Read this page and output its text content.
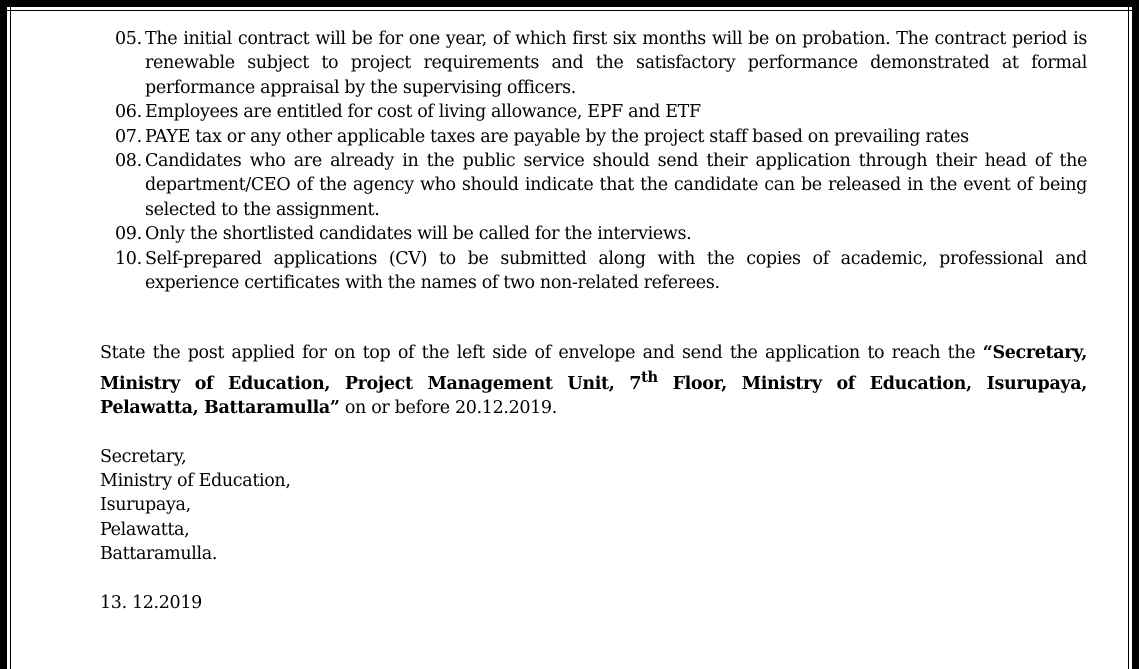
05. The initial contract will be for one year, of which first six months will be on probation. The contract period is renewable subject to project requirements and the satisfactory performance demonstrated at formal performance appraisal by the supervising officers.
06. Employees are entitled for cost of living allowance, EPF and ETF
07. PAYE tax or any other applicable taxes are payable by the project staff based on prevailing rates
08. Candidates who are already in the public service should send their application through their head of the department/CEO of the agency who should indicate that the candidate can be released in the event of being selected to the assignment.
09. Only the shortlisted candidates will be called for the interviews.
10. Self-prepared applications (CV) to be submitted along with the copies of academic, professional and experience certificates with the names of two non-related referees.

State the post applied for on top of the left side of envelope and send the application to reach the “Secretary, Ministry of Education, Project Management Unit, 7th Floor, Ministry of Education, Isurupaya, Pelawatta, Battaramulla” on or before 20.12.2019.

Secretary,
Ministry of Education,
Isurupaya,
Pelawatta,
Battaramulla.
13. 12.2019
